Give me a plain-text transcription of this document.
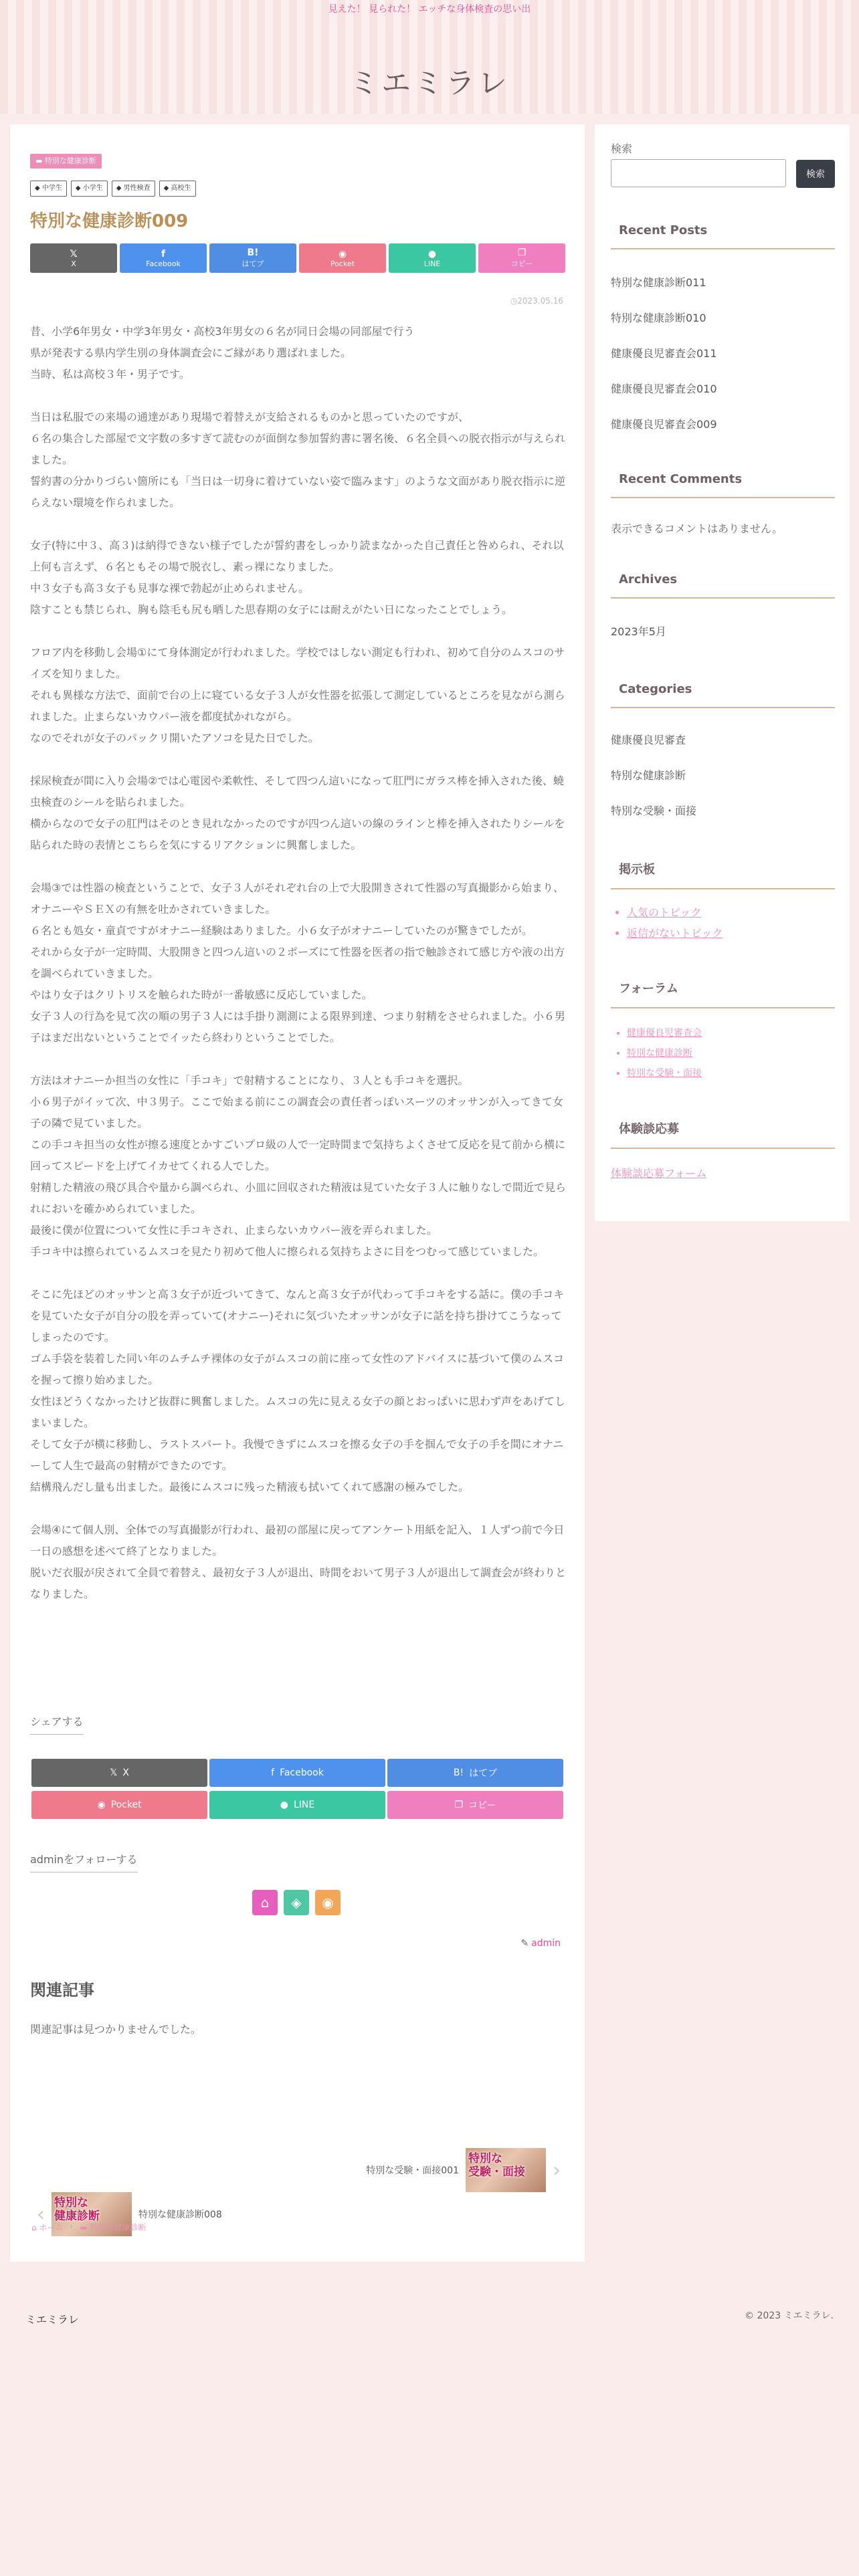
見えた！ 見られた！ エッチな身体検査の思い出
ミエミラレ
▬ 特別な健康診断
◆ 中学生	◆ 小学生	◆ 男性検査	◆ 高校生
特別な健康診断009
𝕏
X
f
Facebook
B!
はてブ
◉
Pocket
●
LINE
❐
コピー
◷2023.05.16

昔、小学6年男女・中学3年男女・高校3年男女の６名が同日会場の同部屋で行う
県が発表する県内学生別の身体調査会にご縁があり選ばれました。
当時、私は高校３年・男子です。

当日は私服での来場の通達があり現場で着替えが支給されるものかと思っていたのですが、
６名の集合した部屋で文字数の多すぎて読むのが面倒な参加誓約書に署名後、６名全員への脱衣指示が与えられました。
誓約書の分かりづらい箇所にも「当日は一切身に着けていない姿で臨みます」のような文面があり脱衣指示に逆らえない環境を作られました。

女子(特に中３、高３)は納得できない様子でしたが誓約書をしっかり読まなかった自己責任と咎められ、それ以上何も言えず、６名ともその場で脱衣し、素っ裸になりました。
中３女子も高３女子も見事な裸で勃起が止められません。
陰すことも禁じられ、胸も陰毛も尻も晒した思春期の女子には耐えがたい日になったことでしょう。

フロア内を移動し会場①にて身体測定が行われました。学校ではしない測定も行われ、初めて自分のムスコのサイズを知りました。
それも異様な方法で、面前で台の上に寝ている女子３人が女性器を拡張して測定しているところを見ながら測られました。止まらないカウパー液を都度拭かれながら。
なのでそれが女子のパックリ開いたアソコを見た日でした。

採尿検査が間に入り会場②では心電図や柔軟性、そして四つん這いになって肛門にガラス棒を挿入された後、蟯虫検査のシールを貼られました。
横からなので女子の肛門はそのとき見れなかったのですが四つん這いの線のラインと棒を挿入されたりシールを貼られた時の表情とこちらを気にするリアクションに興奮しました。

会場③では性器の検査ということで、女子３人がそれぞれ台の上で大股開きされて性器の写真撮影から始まり、オナニーやＳＥＸの有無を吐かされていきました。
６名とも処女・童貞ですがオナニー経験はありました。小６女子がオナニーしていたのが驚きでしたが。
それから女子が一定時間、大股開きと四つん這いの２ポーズにて性器を医者の指で触診されて感じ方や液の出方を調べられていきました。
やはり女子はクリトリスを触られた時が一番敏感に反応していました。
女子３人の行為を見て次の順の男子３人には手掛り測測による限界到達、つまり射精をさせられました。小６男子はまだ出ないということでイッたら終わりということでした。

方法はオナニーか担当の女性に「手コキ」で射精することになり、３人とも手コキを選択。
小６男子がイッて次、中３男子。ここで始まる前にこの調査会の責任者っぽいスーツのオッサンが入ってきて女子の隣で見ていました。
この手コキ担当の女性が擦る速度とかすごいプロ級の人で一定時間まで気持ちよくさせて反応を見て前から横に回ってスピードを上げてイカせてくれる人でした。
射精した精液の飛び具合や量から調べられ、小皿に回収された精液は見ていた女子３人に触りなしで間近で見られにおいを確かめられていました。
最後に僕が位置について女性に手コキされ、止まらないカウパー液を弄られました。
手コキ中は擦られているムスコを見たり初めて他人に擦られる気持ちよさに目をつむって感じていました。

そこに先ほどのオッサンと高３女子が近づいてきて、なんと高３女子が代わって手コキをする話に。僕の手コキを見ていた女子が自分の股を弄っていて(オナニー)それに気づいたオッサンが女子に話を持ち掛けてこうなってしまったのです。
ゴム手袋を装着した同い年のムチムチ裸体の女子がムスコの前に座って女性のアドバイスに基づいて僕のムスコを握って擦り始めました。
女性ほどうくなかったけど抜群に興奮しました。ムスコの先に見える女子の顔とおっぱいに思わず声をあげてしまいました。
そして女子が横に移動し、ラストスパート。我慢できずにムスコを擦る女子の手を掴んで女子の手を間にオナニーして人生で最高の射精ができたのです。
結構飛んだし量も出ました。最後にムスコに残った精液も拭いてくれて感謝の極みでした。

会場④にて個人別、全体での写真撮影が行われ、最初の部屋に戻ってアンケート用紙を記入、１人ずつ前で今日一日の感想を述べて終了となりました。
脱いだ衣服が戻されて全員で着替え、最初女子３人が退出、時間をおいて男子３人が退出して調査会が終わりとなりました。

シェアする
𝕏 X	f Facebook	B! はてブ
◉ Pocket	● LINE	❐ コピー
adminをフォローする
⌂	◈	◉
✎ admin
関連記事
関連記事は見つかりませんでした。
‹ 特別な
健康診断	特別な健康診断008
特別な受験・面接001
特別な
受験・面接 ›
⌂ ホーム › ▬ 特別な健康診断
検索
検索
Recent Posts
特別な健康診断011
特別な健康診断010
健康優良児審査会011
健康優良児審査会010
健康優良児審査会009
Recent Comments
表示できるコメントはありません。
Archives
2023年5月
Categories
健康優良児審査
特別な健康診断
特別な受験・面接
掲示板
• 人気のトピック
• 返信がないトピック
フォーラム
• 健康優良児審査会
• 特別な健康診断
• 特別な受験・面接
体験談応募
体験談応募フォーム
ミエミラレ	© 2023 ミエミラレ.
